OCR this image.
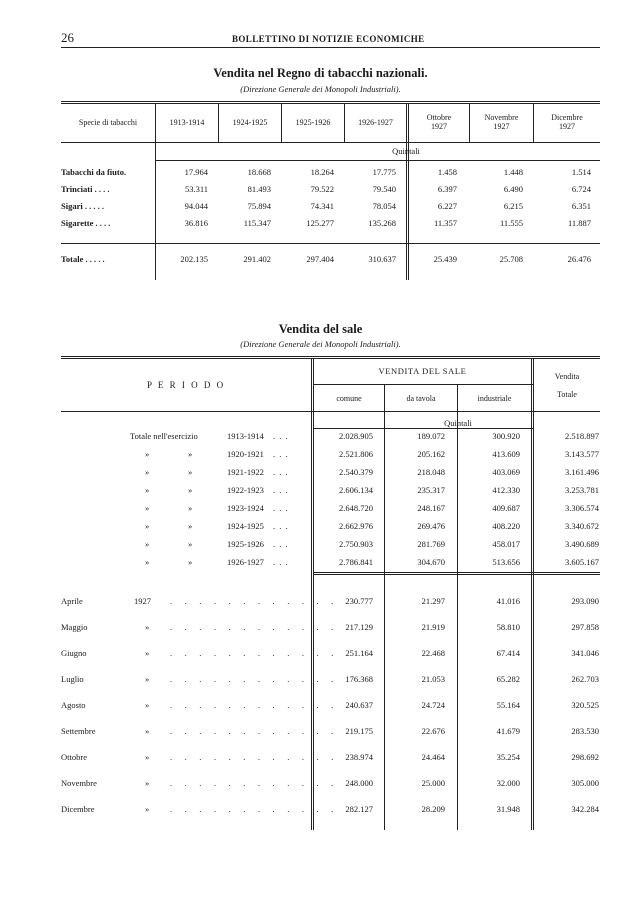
26	BOLLETTINO DI NOTIZIE ECONOMICHE
Vendita nel Regno di tabacchi nazionali.
(Direzione Generale dei Monopoli Industriali).
Specie di tabacchi	1913-1914	1924-1925	1925-1926	1926-1927
Ottobre
1927
Novembre
1927
Dicembre
1927
Quintali
Tabacchi da fiuto.	17.964	18.668	18.264	17.775	1.458	1.448	1.514
Trinciati . . . .	53.311	81.493	79.522	79.540	6.397	6.490	6.724
Sigari . . . . .	94.044	75.894	74.341	78.054	6.227	6.215	6.351
Sigarette . . . .	36.816	115.347	125.277	135.268	11.357	11.555	11.887
Totale . . . . .	202.135	291.402	297.404	310.637	25.439	25.708	26.476
Vendita del sale
(Direzione Generale dei Monopoli Industriali).
P E R I O D O
VENDITA DEL SALE
comune	da tavola	industriale
Vendita
Totale
Quintali
Totale nell'esercizio	1913-1914 . . .	2.028.905	189.072	300.920	2.518.897
»	»	1920-1921 . . .	2.521.806	205.162	413.609	3.143.577
»	»	1921-1922 . . .	2.540.379	218.048	403.069	3.161.496
»	»	1922-1923 . . .	2.606.134	235.317	412.330	3.253.781
»	»	1923-1924 . . .	2.648.720	248.167	409.687	3.306.574
»	»	1924-1925 . . .	2.662.976	269.476	408.220	3.340.672
»	»	1925-1926 . . .	2.750.903	281.769	458.017	3.490.689
»	»	1926-1927 . . .	2.786.841	304.670	513.656	3.605.167
Aprile	1927 . . . . . . . . . . . . 230.777	21.297	41.016	293.090
Maggio	» . . . . . . . . . . . . 217.129	21.919	58.810	297.858
Giugno	» . . . . . . . . . . . . 251.164	22.468	67.414	341.046
Luglio	» . . . . . . . . . . . . 176.368	21.053	65.282	262.703
Agosto	» . . . . . . . . . . . . 240.637	24.724	55.164	320.525
Settembre	» . . . . . . . . . . . . 219.175	22.676	41.679	283.530
Ottobre	» . . . . . . . . . . . . 238.974	24.464	35.254	298.692
Novembre	» . . . . . . . . . . . . 248.000	25.000	32.000	305.000
Dicembre	» . . . . . . . . . . . . 282.127	28.209	31.948	342.284
